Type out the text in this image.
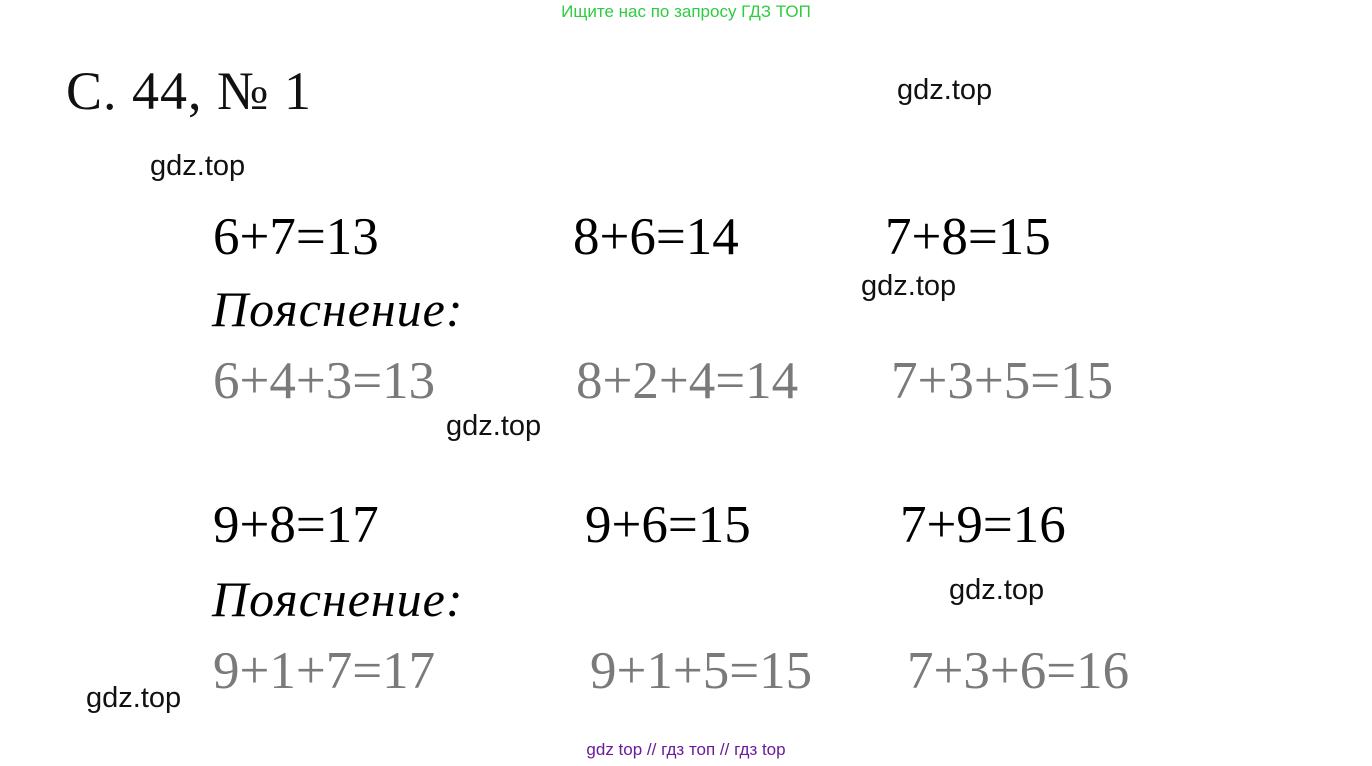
Ищите нас по запросу ГДЗ ТОП
С. 44, № 1	gdz.top
gdz.top
gdz.top
gdz.top
gdz.top
gdz.top
6+7=13	8+6=14	7+8=15
Пояснение:
6+4+3=13	8+2+4=14 7+3+5=15
9+8=17	9+6=15	7+9=16
Пояснение:
9+1+7=17	9+1+5=15 7+3+6=16
gdz top // гдз топ // гдз top
